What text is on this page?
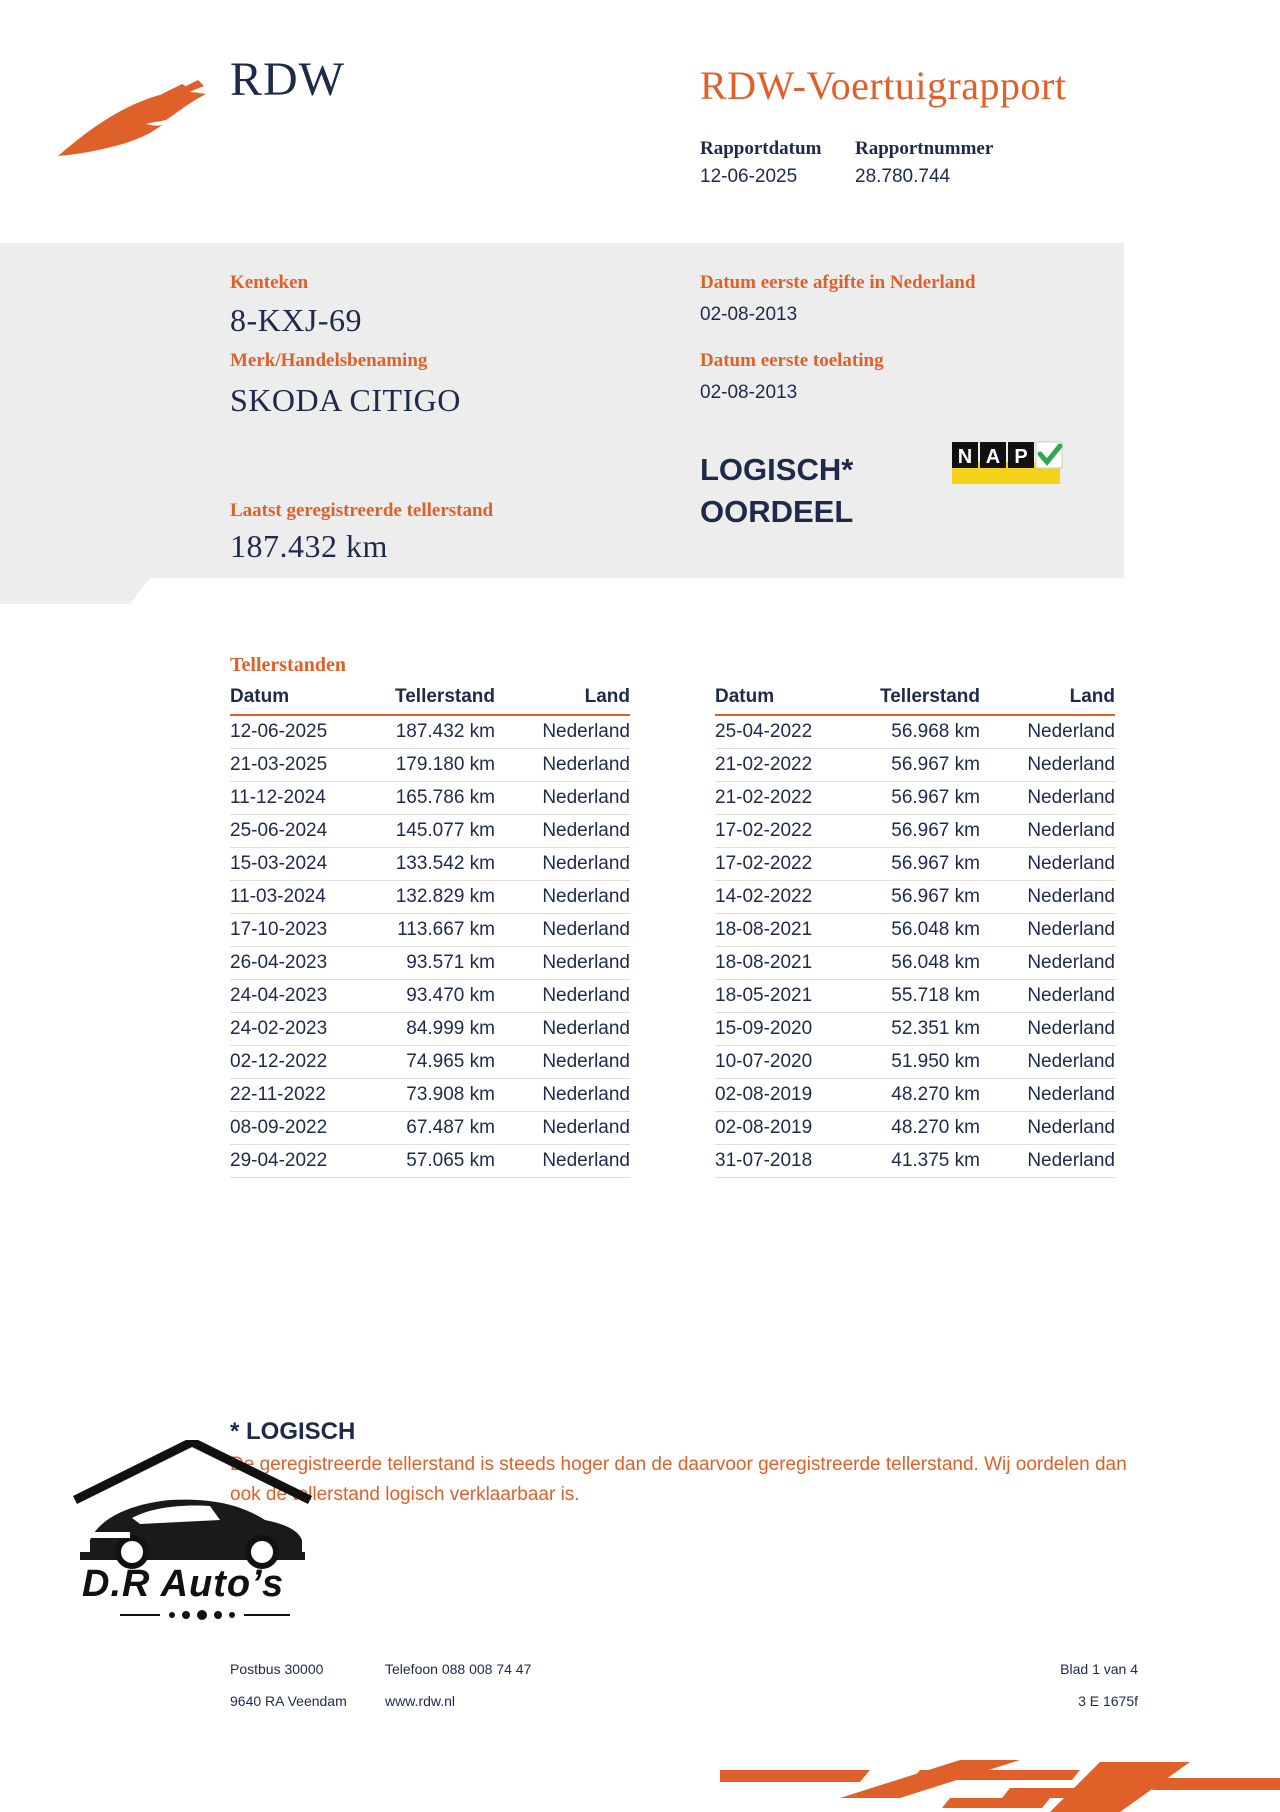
RDW	RDW-Voertuigrapport
Rapportdatum
12-06-2025
Rapportnummer
28.780.744
Kenteken
8-KXJ-69
Merk/Handelsbenaming
SKODA CITIGO
Laatst geregistreerde tellerstand
187.432 km
Datum eerste afgifte in Nederland
02-08-2013
Datum eerste toelating
02-08-2013
LOGISCH*
OORDEEL
N A P
Tellerstanden
Datum	Tellerstand	Land
12-06-2025	187.432 km	Nederland
21-03-2025	179.180 km	Nederland
11-12-2024	165.786 km	Nederland
25-06-2024	145.077 km	Nederland
15-03-2024	133.542 km	Nederland
11-03-2024	132.829 km	Nederland
17-10-2023	113.667 km	Nederland
26-04-2023	93.571 km	Nederland
24-04-2023	93.470 km	Nederland
24-02-2023	84.999 km	Nederland
02-12-2022	74.965 km	Nederland
22-11-2022	73.908 km	Nederland
08-09-2022	67.487 km	Nederland
29-04-2022	57.065 km	Nederland
Datum	Tellerstand	Land
25-04-2022	56.968 km	Nederland
21-02-2022	56.967 km	Nederland
21-02-2022	56.967 km	Nederland
17-02-2022	56.967 km	Nederland
17-02-2022	56.967 km	Nederland
14-02-2022	56.967 km	Nederland
18-08-2021	56.048 km	Nederland
18-08-2021	56.048 km	Nederland
18-05-2021	55.718 km	Nederland
15-09-2020	52.351 km	Nederland
10-07-2020	51.950 km	Nederland
02-08-2019	48.270 km	Nederland
02-08-2019	48.270 km	Nederland
31-07-2018	41.375 km	Nederland
* LOGISCH
De geregistreerde tellerstand is steeds hoger dan de daarvoor geregistreerde tellerstand. Wij oordelen dan ook de tellerstand logisch verklaarbaar is.
D.R Auto’s
Postbus 30000
9640 RA Veendam
Telefoon 088 008 74 47
www.rdw.nl
Blad 1 van 4
3 E 1675f
